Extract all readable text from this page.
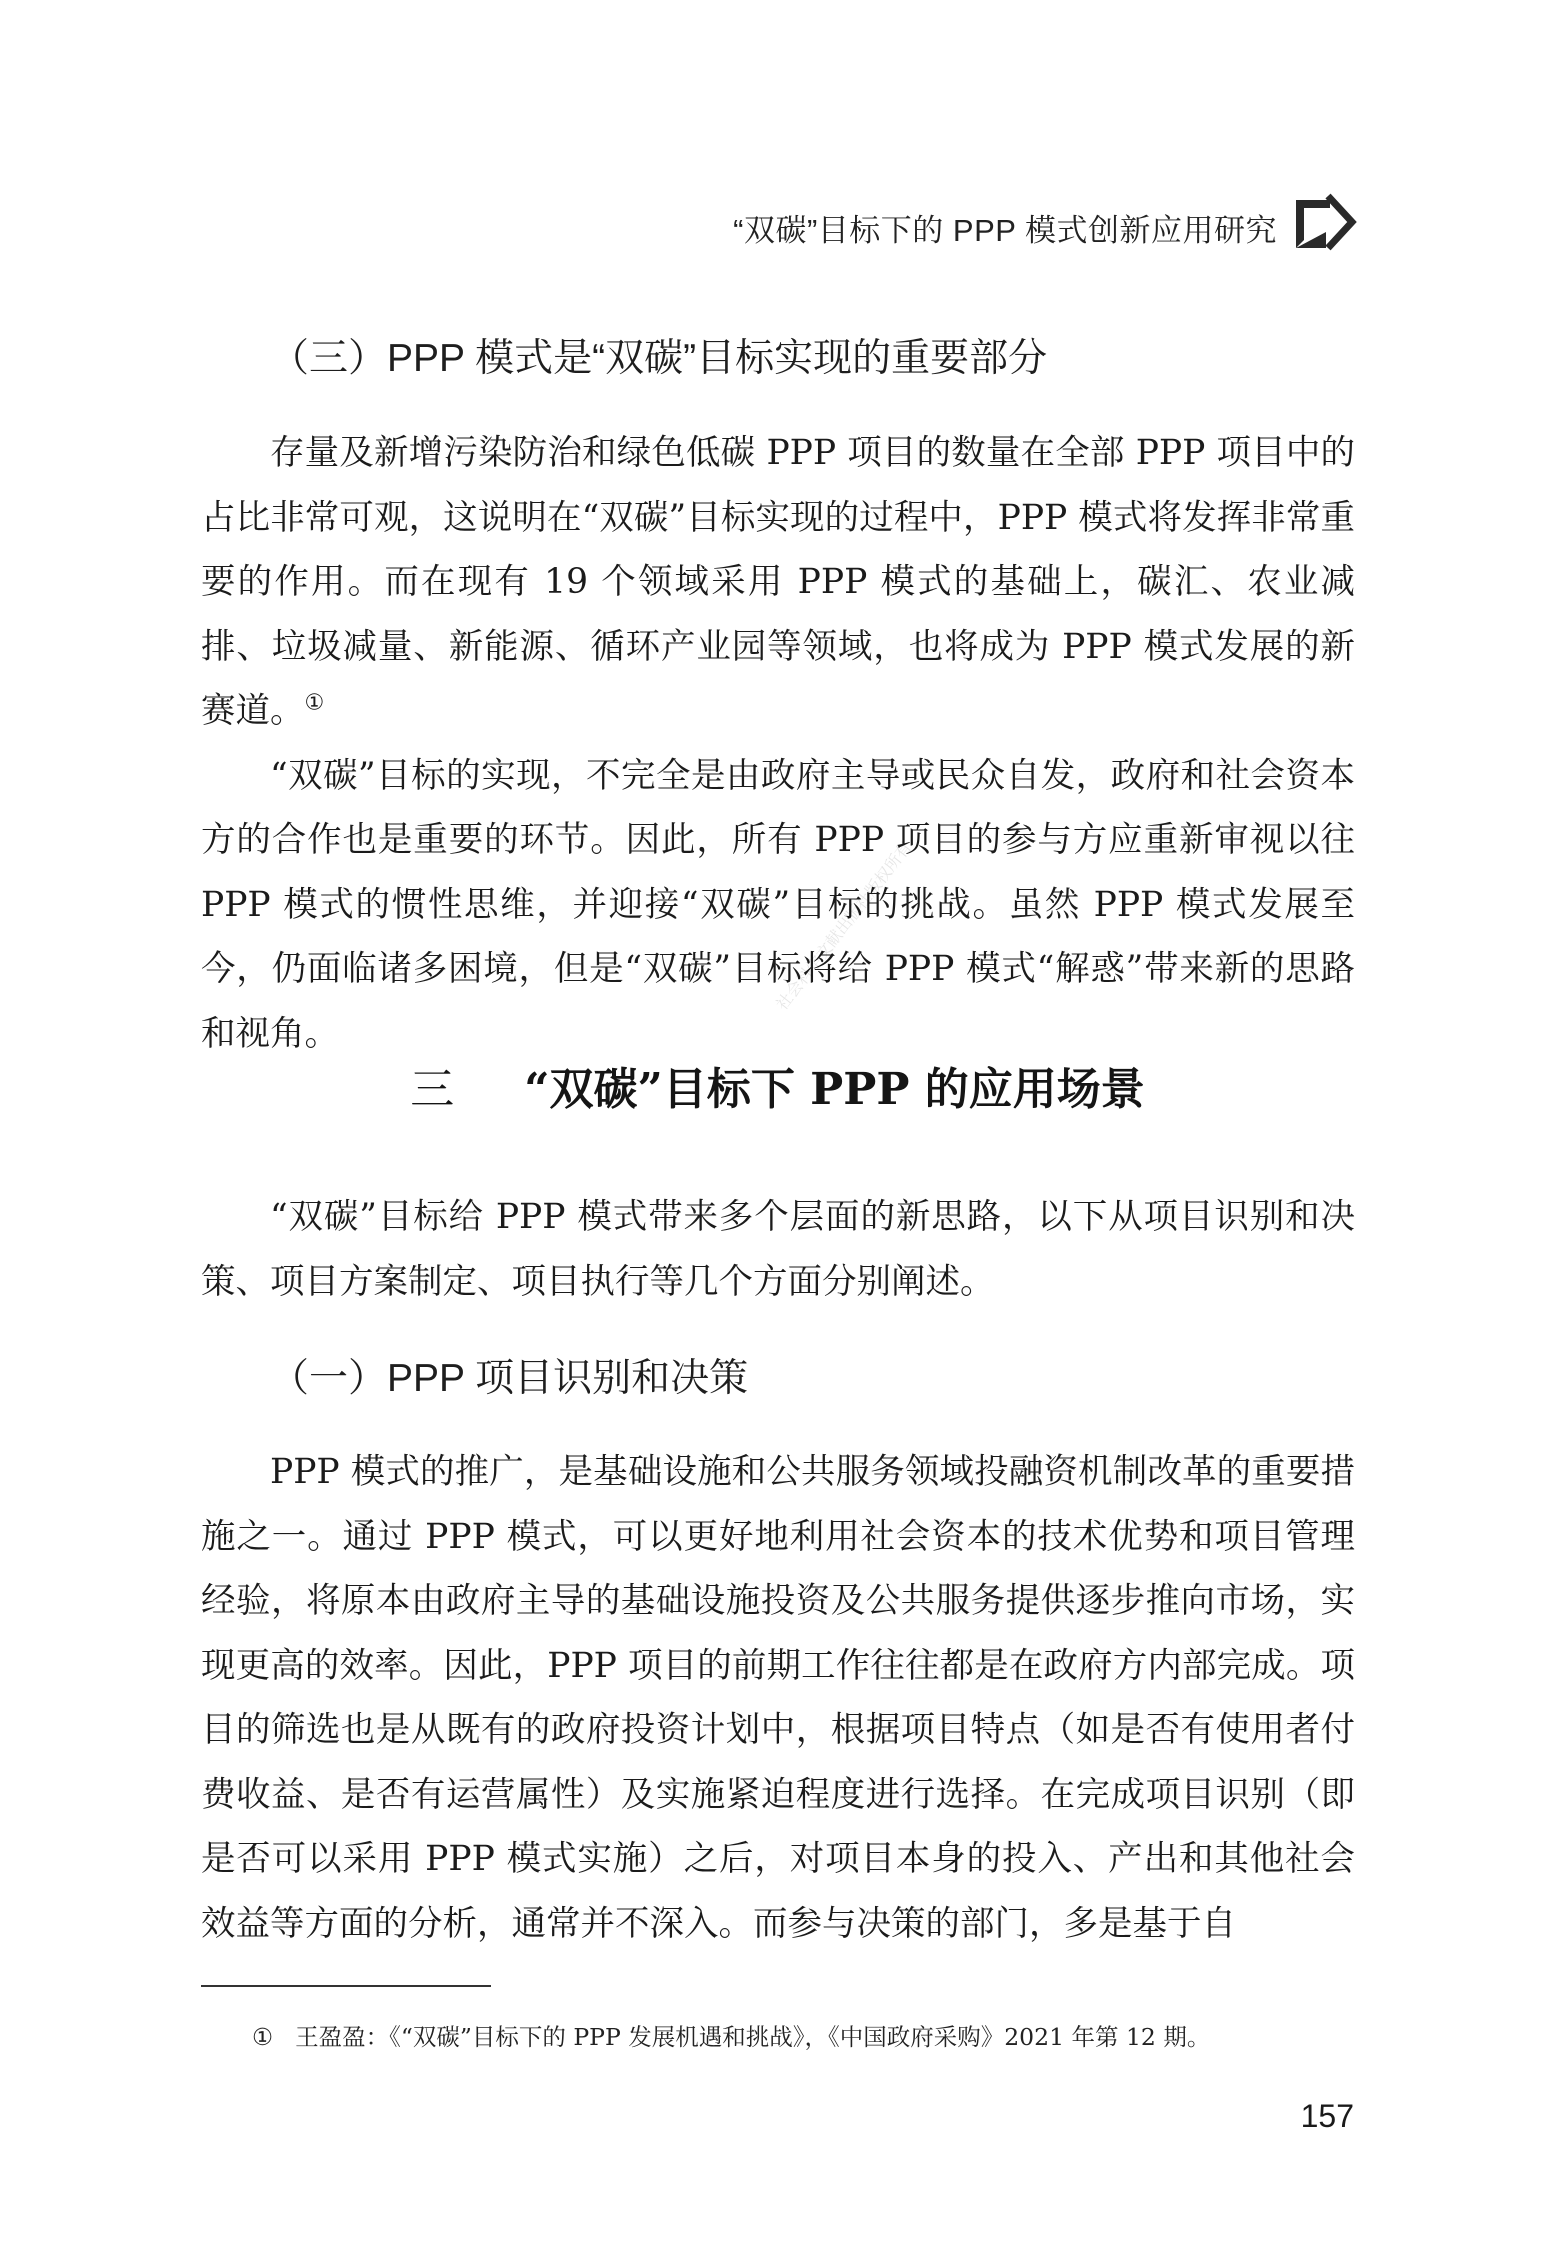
“双碳”目标下的 PPP 模式创新应用研究
（三）PPP 模式是“双碳”目标实现的重要部分

存量及新增污染防治和绿色低碳 PPP 项目的数量在全部 PPP 项目中的占比非常可观，这说明在“双碳”目标实现的过程中，PPP 模式将发挥非常重要的作用。而在现有 19 个领域采用 PPP 模式的基础上，碳汇、农业减排、垃圾减量、新能源、循环产业园等领域，也将成为 PPP 模式发展的新赛道。①

“双碳”目标的实现，不完全是由政府主导或民众自发，政府和社会资本方的合作也是重要的环节。因此，所有 PPP 项目的参与方应重新审视以往 PPP 模式的惯性思维，并迎接“双碳”目标的挑战。虽然 PPP 模式发展至今，仍面临诸多困境，但是“双碳”目标将给 PPP 模式“解惑”带来新的思路和视角。

社会科学文献出版社版权所有
三 “双碳”目标下 PPP 的应用场景

“双碳”目标给 PPP 模式带来多个层面的新思路，以下从项目识别和决策、项目方案制定、项目执行等几个方面分别阐述。

（一）PPP 项目识别和决策

PPP 模式的推广，是基础设施和公共服务领域投融资机制改革的重要措施之一。通过 PPP 模式，可以更好地利用社会资本的技术优势和项目管理经验，将原本由政府主导的基础设施投资及公共服务提供逐步推向市场，实现更高的效率。因此，PPP 项目的前期工作往往都是在政府方内部完成。项目的筛选也是从既有的政府投资计划中，根据项目特点（如是否有使用者付费收益、是否有运营属性）及实施紧迫程度进行选择。在完成项目识别（即是否可以采用 PPP 模式实施）之后，对项目本身的投入、产出和其他社会效益等方面的分析，通常并不深入。而参与决策的部门，多是基于自

① 王盈盈：《“双碳”目标下的 PPP 发展机遇和挑战》，《中国政府采购》2021 年第 12 期。
157
